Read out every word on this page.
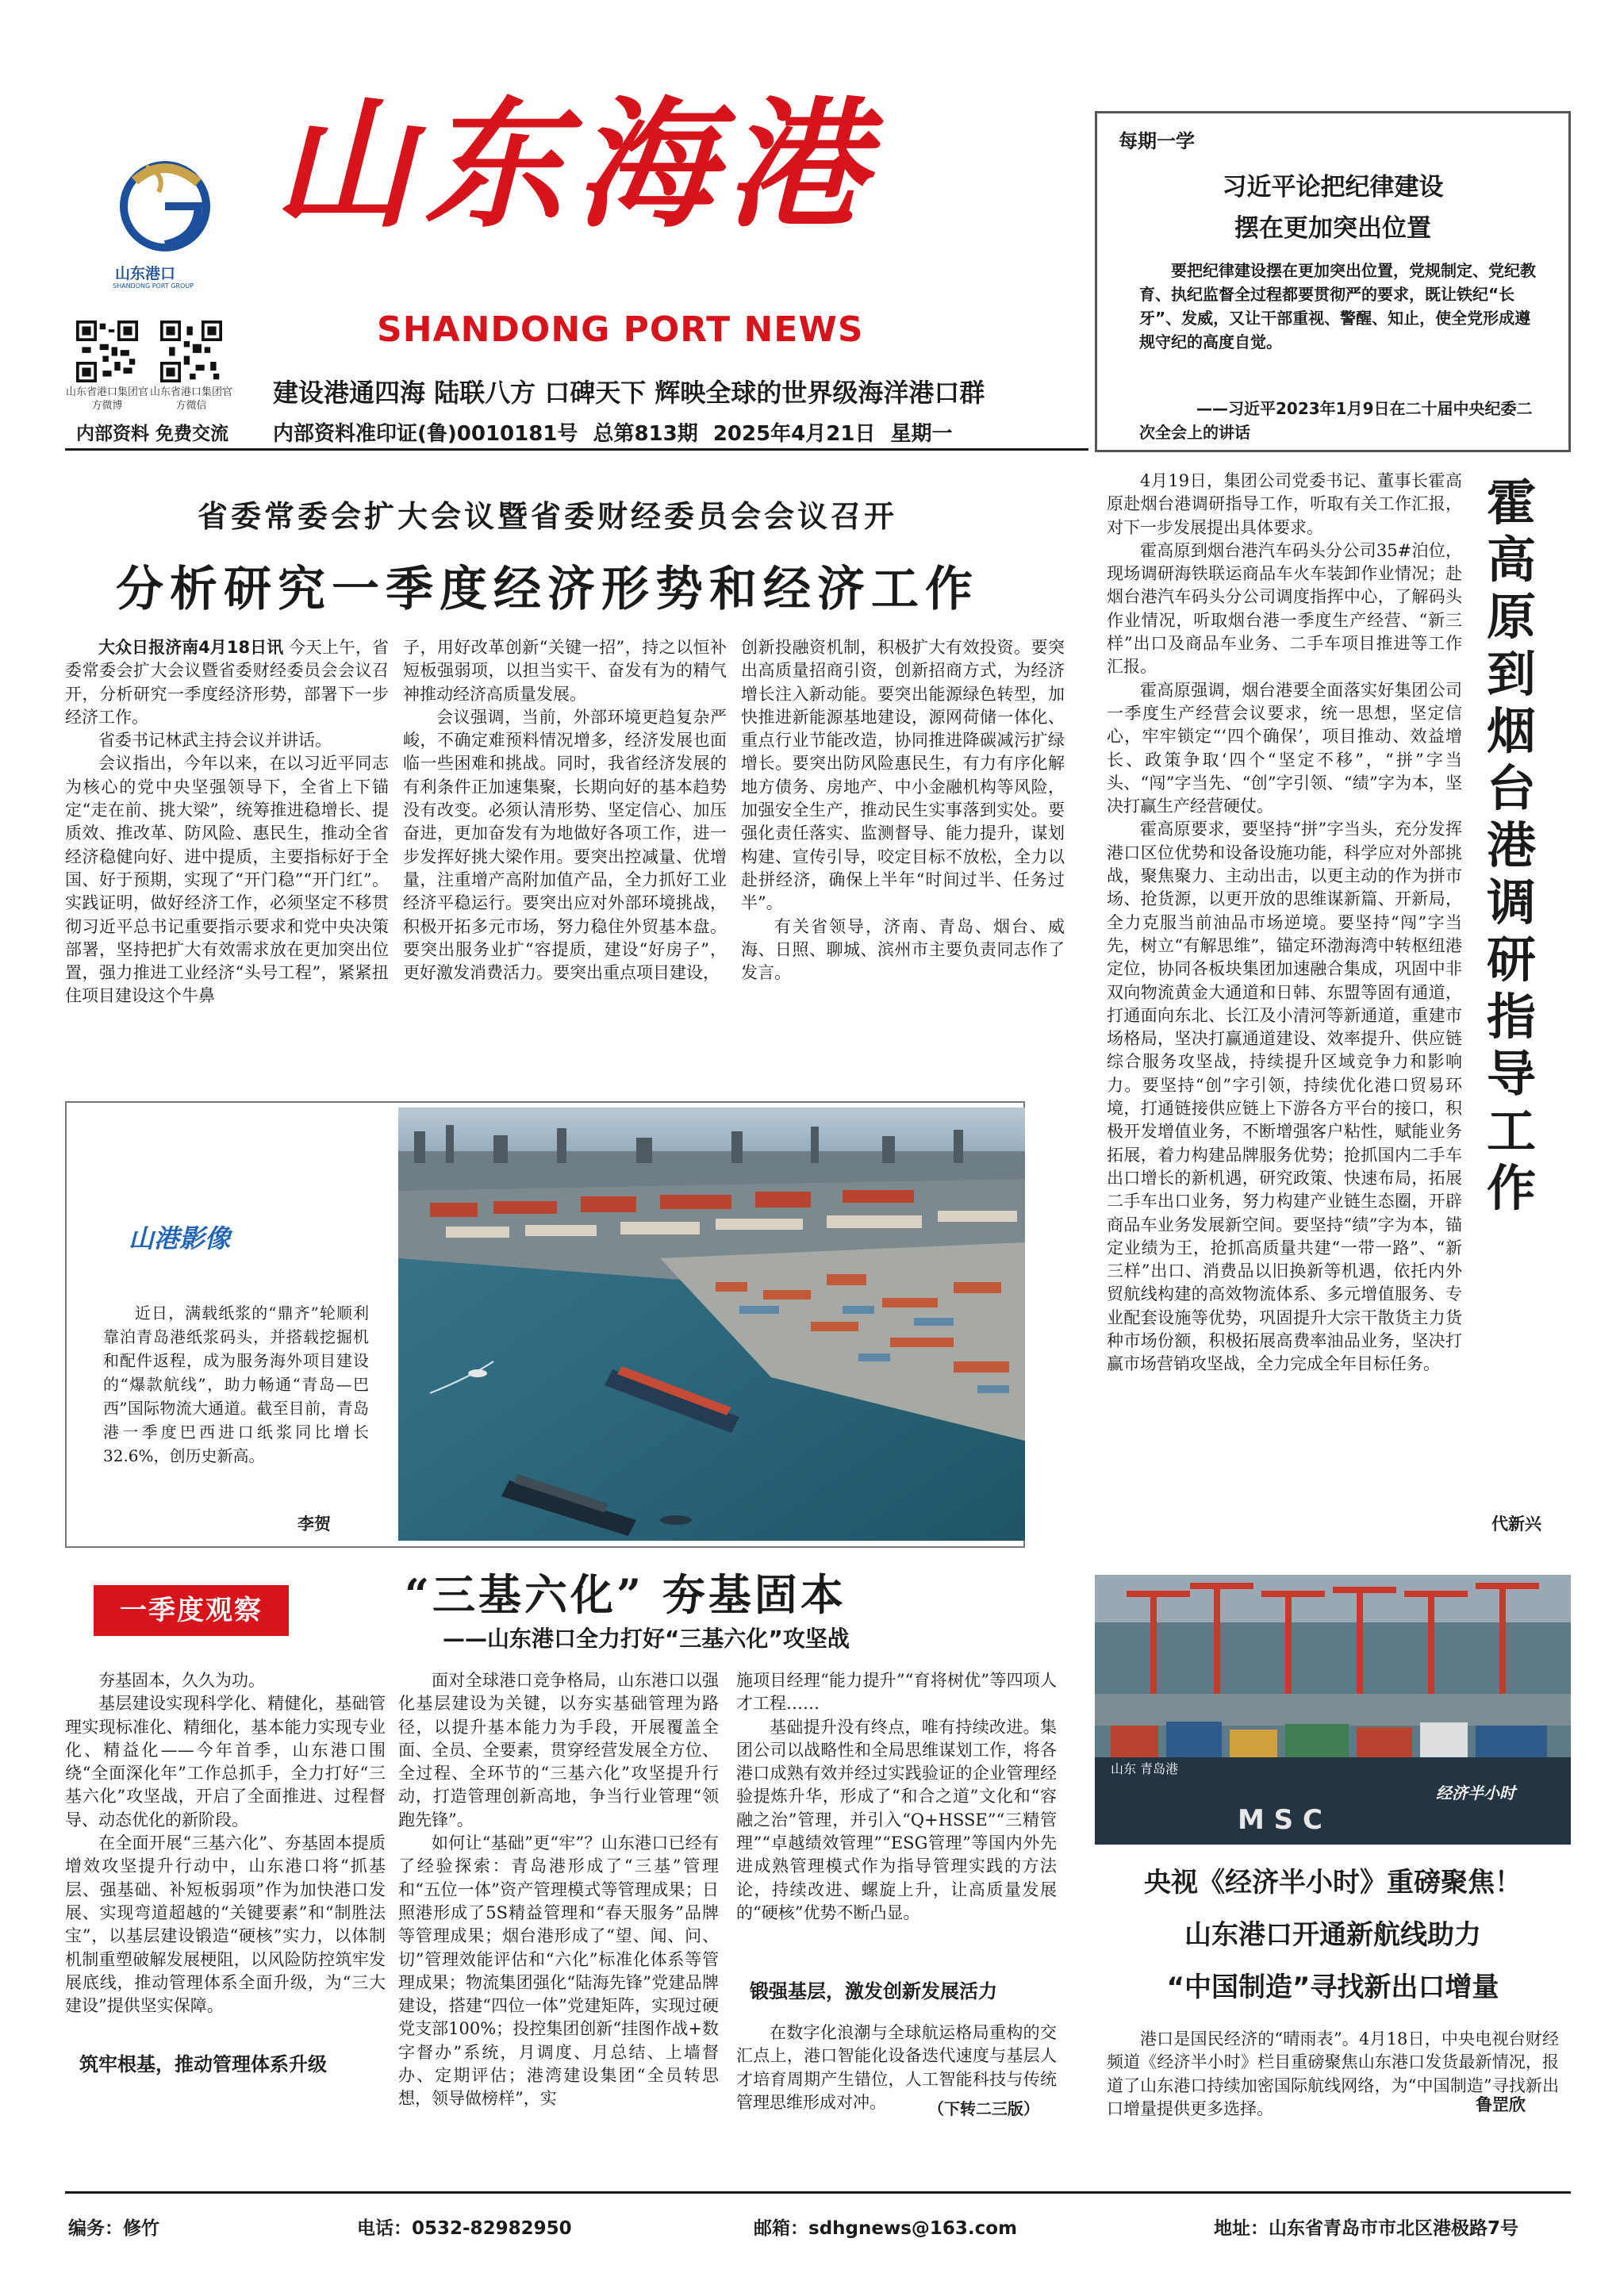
山东港口
SHANDONG PORT GROUP
山东海港
SHANDONG PORT NEWS
山东省港口集团官方微博
山东省港口集团官方微信	建设港通四海 陆联八方 口碑天下 辉映全球的世界级海洋港口群
内部资料 免费交流 内部资料准印证(鲁)0010181号 总第813期 2025年4月21日 星期一
每期一学
习近平论把纪律建设
摆在更加突出位置
要把纪律建设摆在更加突出位置，党规制定、党纪教育、执纪监督全过程都要贯彻严的要求，既让铁纪“长牙”、发威，又让干部重视、警醒、知止，使全党形成遵规守纪的高度自觉。
——习近平2023年1月9日在二十届中央纪委二次全会上的讲话
省委常委会扩大会议暨省委财经委员会会议召开
分析研究一季度经济形势和经济工作

大众日报济南4月18日讯 今天上午，省委常委会扩大会议暨省委财经委员会会议召开，分析研究一季度经济形势，部署下一步经济工作。

省委书记林武主持会议并讲话。

会议指出，今年以来，在以习近平同志为核心的党中央坚强领导下，全省上下锚定“走在前、挑大梁”，统筹推进稳增长、提质效、推改革、防风险、惠民生，推动全省经济稳健向好、进中提质，主要指标好于全国、好于预期，实现了“开门稳”“开门红”。实践证明，做好经济工作，必须坚定不移贯彻习近平总书记重要指示要求和党中央决策部署，坚持把扩大有效需求放在更加突出位置，强力推进工业经济“头号工程”，紧紧扭住项目建设这个牛鼻

子，用好改革创新“关键一招”，持之以恒补短板强弱项，以担当实干、奋发有为的精气神推动经济高质量发展。

会议强调，当前，外部环境更趋复杂严峻，不确定难预料情况增多，经济发展也面临一些困难和挑战。同时，我省经济发展的有利条件正加速集聚，长期向好的基本趋势没有改变。必须认清形势、坚定信心、加压奋进，更加奋发有为地做好各项工作，进一步发挥好挑大梁作用。要突出控减量、优增量，注重增产高附加值产品，全力抓好工业经济平稳运行。要突出应对外部环境挑战，积极开拓多元市场，努力稳住外贸基本盘。要突出服务业扩“容提质，建设“好房子”，更好激发消费活力。要突出重点项目建设，

创新投融资机制，积极扩大有效投资。要突出高质量招商引资，创新招商方式，为经济增长注入新动能。要突出能源绿色转型，加快推进新能源基地建设，源网荷储一体化、重点行业节能改造，协同推进降碳减污扩绿增长。要突出防风险惠民生，有力有序化解地方债务、房地产、中小金融机构等风险，加强安全生产，推动民生实事落到实处。要强化责任落实、监测督导、能力提升，谋划构建、宣传引导，咬定目标不放松，全力以赴拼经济，确保上半年“时间过半、任务过半”。

有关省领导，济南、青岛、烟台、威海、日照、聊城、滨州市主要负责同志作了发言。

山港影像
近日，满载纸浆的“鼎齐”轮顺利靠泊青岛港纸浆码头，并搭载挖掘机和配件返程，成为服务海外项目建设的“爆款航线”，助力畅通“青岛—巴西”国际物流大通道。截至目前，青岛港一季度巴西进口纸浆同比增长32.6%，创历史新高。
李贺

4月19日，集团公司党委书记、董事长霍高原赴烟台港调研指导工作，听取有关工作汇报，对下一步发展提出具体要求。

霍高原到烟台港汽车码头分公司35#泊位，现场调研海铁联运商品车火车装卸作业情况；赴烟台港汽车码头分公司调度指挥中心，了解码头作业情况，听取烟台港一季度生产经营、“新三样”出口及商品车业务、二手车项目推进等工作汇报。

霍高原强调，烟台港要全面落实好集团公司一季度生产经营会议要求，统一思想，坚定信心，牢牢锁定“‘四个确保’，项目推动、效益增长、政策争取‘四个“坚定不移”，“拼”字当头、“闯”字当先、“创”字引领、“绩”字为本，坚决打赢生产经营硬仗。

霍高原要求，要坚持“拼”字当头，充分发挥港口区位优势和设备设施功能，科学应对外部挑战，聚焦聚力、主动出击，以更主动的作为拼市场、抢货源，以更开放的思维谋新篇、开新局，全力克服当前油品市场逆境。要坚持“闯”字当先，树立“有解思维”，锚定环渤海湾中转枢纽港定位，协同各板块集团加速融合集成，巩固中非双向物流黄金大通道和日韩、东盟等固有通道，打通面向东北、长江及小清河等新通道，重建市场格局，坚决打赢通道建设、效率提升、供应链综合服务攻坚战，持续提升区域竞争力和影响力。要坚持“创”字引领，持续优化港口贸易环境，打通链接供应链上下游各方平台的接口，积极开发增值业务，不断增强客户粘性，赋能业务拓展，着力构建品牌服务优势；抢抓国内二手车出口增长的新机遇，研究政策、快速布局，拓展二手车出口业务，努力构建产业链生态圈，开辟商品车业务发展新空间。要坚持“绩”字为本，锚定业绩为王，抢抓高质量共建“一带一路”、“新三样”出口、消费品以旧换新等机遇，依托内外贸航线构建的高效物流体系、多元增值服务、专业配套设施等优势，巩固提升大宗干散货主力货种市场份额，积极拓展高费率油品业务，坚决打赢市场营销攻坚战，全力完成全年目标任务。

霍高原到烟台港调研指导工作
代新兴
M S C
山东 青岛港
经济半小时
央视《经济半小时》重磅聚焦！
山东港口开通新航线助力
“中国制造”寻找新出口增量

港口是国民经济的“晴雨表”。4月18日，中央电视台财经频道《经济半小时》栏目重磅聚焦山东港口发货最新情况，报道了山东港口持续加密国际航线网络，为“中国制造”寻找新出口增量提供更多选择。	鲁罡欣
一季度观察	“三基六化” 夯基固本
——山东港口全力打好“三基六化”攻坚战

夯基固本，久久为功。

基层建设实现科学化、精健化，基础管理实现标准化、精细化，基本能力实现专业化、精益化——今年首季，山东港口围绕“全面深化年”工作总抓手，全力打好“三基六化”攻坚战，开启了全面推进、过程督导、动态优化的新阶段。

在全面开展“三基六化”、夯基固本提质增效攻坚提升行动中，山东港口将“抓基层、强基础、补短板弱项”作为加快港口发展、实现弯道超越的“关键要素”和“制胜法宝”，以基层建设锻造“硬核”实力，以体制机制重塑破解发展梗阻，以风险防控筑牢发展底线，推动管理体系全面升级，为“三大建设”提供坚实保障。

筑牢根基，推动管理体系升级

面对全球港口竞争格局，山东港口以强化基层建设为关键，以夯实基础管理为路径，以提升基本能力为手段，开展覆盖全面、全员、全要素，贯穿经营发展全方位、全过程、全环节的“三基六化”攻坚提升行动，打造管理创新高地，争当行业管理“领跑先锋”。

如何让“基础”更“牢”？山东港口已经有了经验探索：青岛港形成了“三基”管理和“五位一体”资产管理模式等管理成果；日照港形成了5S精益管理和“春天服务”品牌等管理成果；烟台港形成了“望、闻、问、切”管理效能评估和“六化”标准化体系等管理成果；物流集团强化“陆海先锋”党建品牌建设，搭建“四位一体”党建矩阵，实现过硬党支部100%；投控集团创新“挂图作战+数字督办”系统，月调度、月总结、上墙督办、定期评估；港湾建设集团“全员转思想，领导做榜样”，实

施项目经理“能力提升”“育将树优”等四项人才工程……

基础提升没有终点，唯有持续改进。集团公司以战略性和全局思维谋划工作，将各港口成熟有效并经过实践验证的企业管理经验提炼升华，形成了“和合之道”文化和“容融之治”管理，并引入“Q+HSSE”“三精管理”“卓越绩效管理”“ESG管理”等国内外先进成熟管理模式作为指导管理实践的方法论，持续改进、螺旋上升，让高质量发展的“硬核”优势不断凸显。

锻强基层，激发创新发展活力

在数字化浪潮与全球航运格局重构的交汇点上，港口智能化设备迭代速度与基层人才培育周期产生错位，人工智能科技与传统管理思维形成对冲。	（下转二三版）
编务：修竹	电话：0532-82982950	邮箱：sdhgnews@163.com	地址：山东省青岛市市北区港极路7号
